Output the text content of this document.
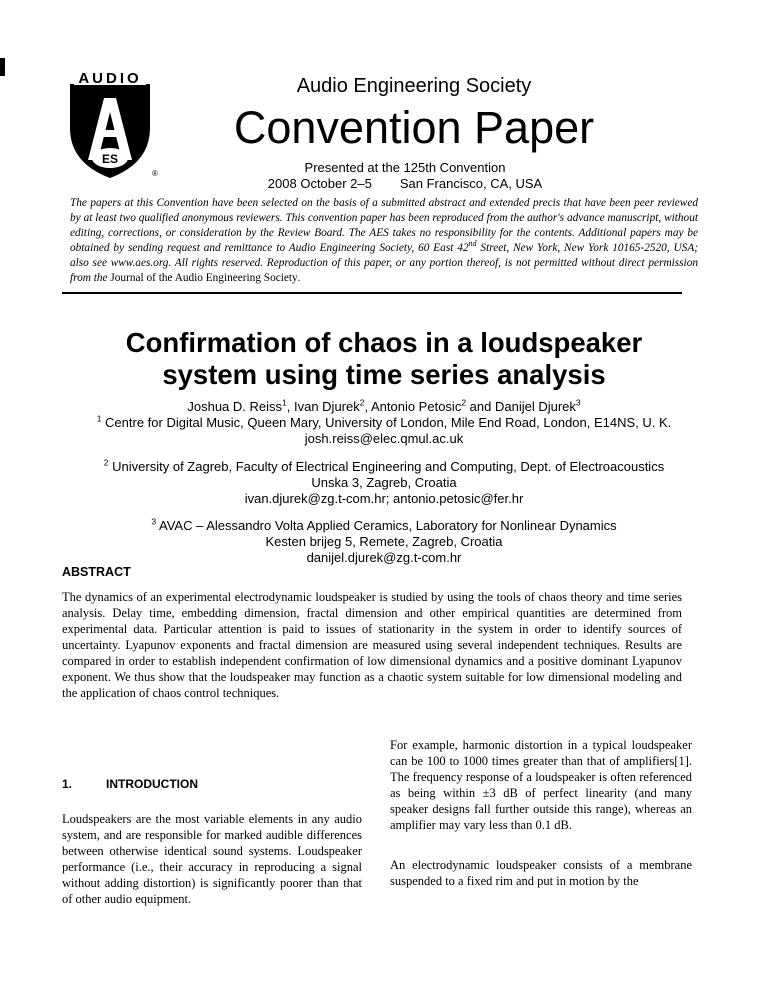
AUDIO
ES
®
Audio Engineering Society
Convention Paper
Presented at the 125th Convention
2008 October 2–5 San Francisco, CA, USA
The papers at this Convention have been selected on the basis of a submitted abstract and extended precis that have been peer reviewed by at least two qualified anonymous reviewers. This convention paper has been reproduced from the author's advance manuscript, without editing, corrections, or consideration by the Review Board. The AES takes no responsibility for the contents. Additional papers may be obtained by sending request and remittance to Audio Engineering Society, 60 East 42nd Street, New York, New York 10165-2520, USA; also see www.aes.org. All rights reserved. Reproduction of this paper, or any portion thereof, is not permitted without direct permission from the Journal of the Audio Engineering Society.
Confirmation of chaos in a loudspeaker
system using time series analysis
Joshua D. Reiss$^1$, Ivan Djurek$^2$, Antonio Petosic$^2$ and Danijel Djurek$^3$
$^1$ Centre for Digital Music, Queen Mary, University of London, Mile End Road, London, E14NS, U. K.
josh.reiss@elec.qmul.ac.uk
$^2$ University of Zagreb, Faculty of Electrical Engineering and Computing, Dept. of Electroacoustics
Unska 3, Zagreb, Croatia
ivan.djurek@zg.t-com.hr; antonio.petosic@fer.hr
$^3$ AVAC – Alessandro Volta Applied Ceramics, Laboratory for Nonlinear Dynamics
Kesten brijeg 5, Remete, Zagreb, Croatia
danijel.djurek@zg.t-com.hr
ABSTRACT
The dynamics of an experimental electrodynamic loudspeaker is studied by using the tools of chaos theory and time series analysis. Delay time, embedding dimension, fractal dimension and other empirical quantities are determined from experimental data. Particular attention is paid to issues of stationarity in the system in order to identify sources of uncertainty. Lyapunov exponents and fractal dimension are measured using several independent techniques. Results are compared in order to establish independent confirmation of low dimensional dynamics and a positive dominant Lyapunov exponent. We thus show that the loudspeaker may function as a chaotic system suitable for low dimensional modeling and the application of chaos control techniques.
1.	INTRODUCTION
Loudspeakers are the most variable elements in any audio system, and are responsible for marked audible differences between otherwise identical sound systems. Loudspeaker performance (i.e., their accuracy in reproducing a signal without adding distortion) is significantly poorer than that of other audio equipment.
For example, harmonic distortion in a typical loudspeaker can be 100 to 1000 times greater than that of amplifiers[1]. The frequency response of a loudspeaker is often referenced as being within ±3 dB of perfect linearity (and many speaker designs fall further outside this range), whereas an amplifier may vary less than 0.1 dB.
An electrodynamic loudspeaker consists of a membrane suspended to a fixed rim and put in motion by the
